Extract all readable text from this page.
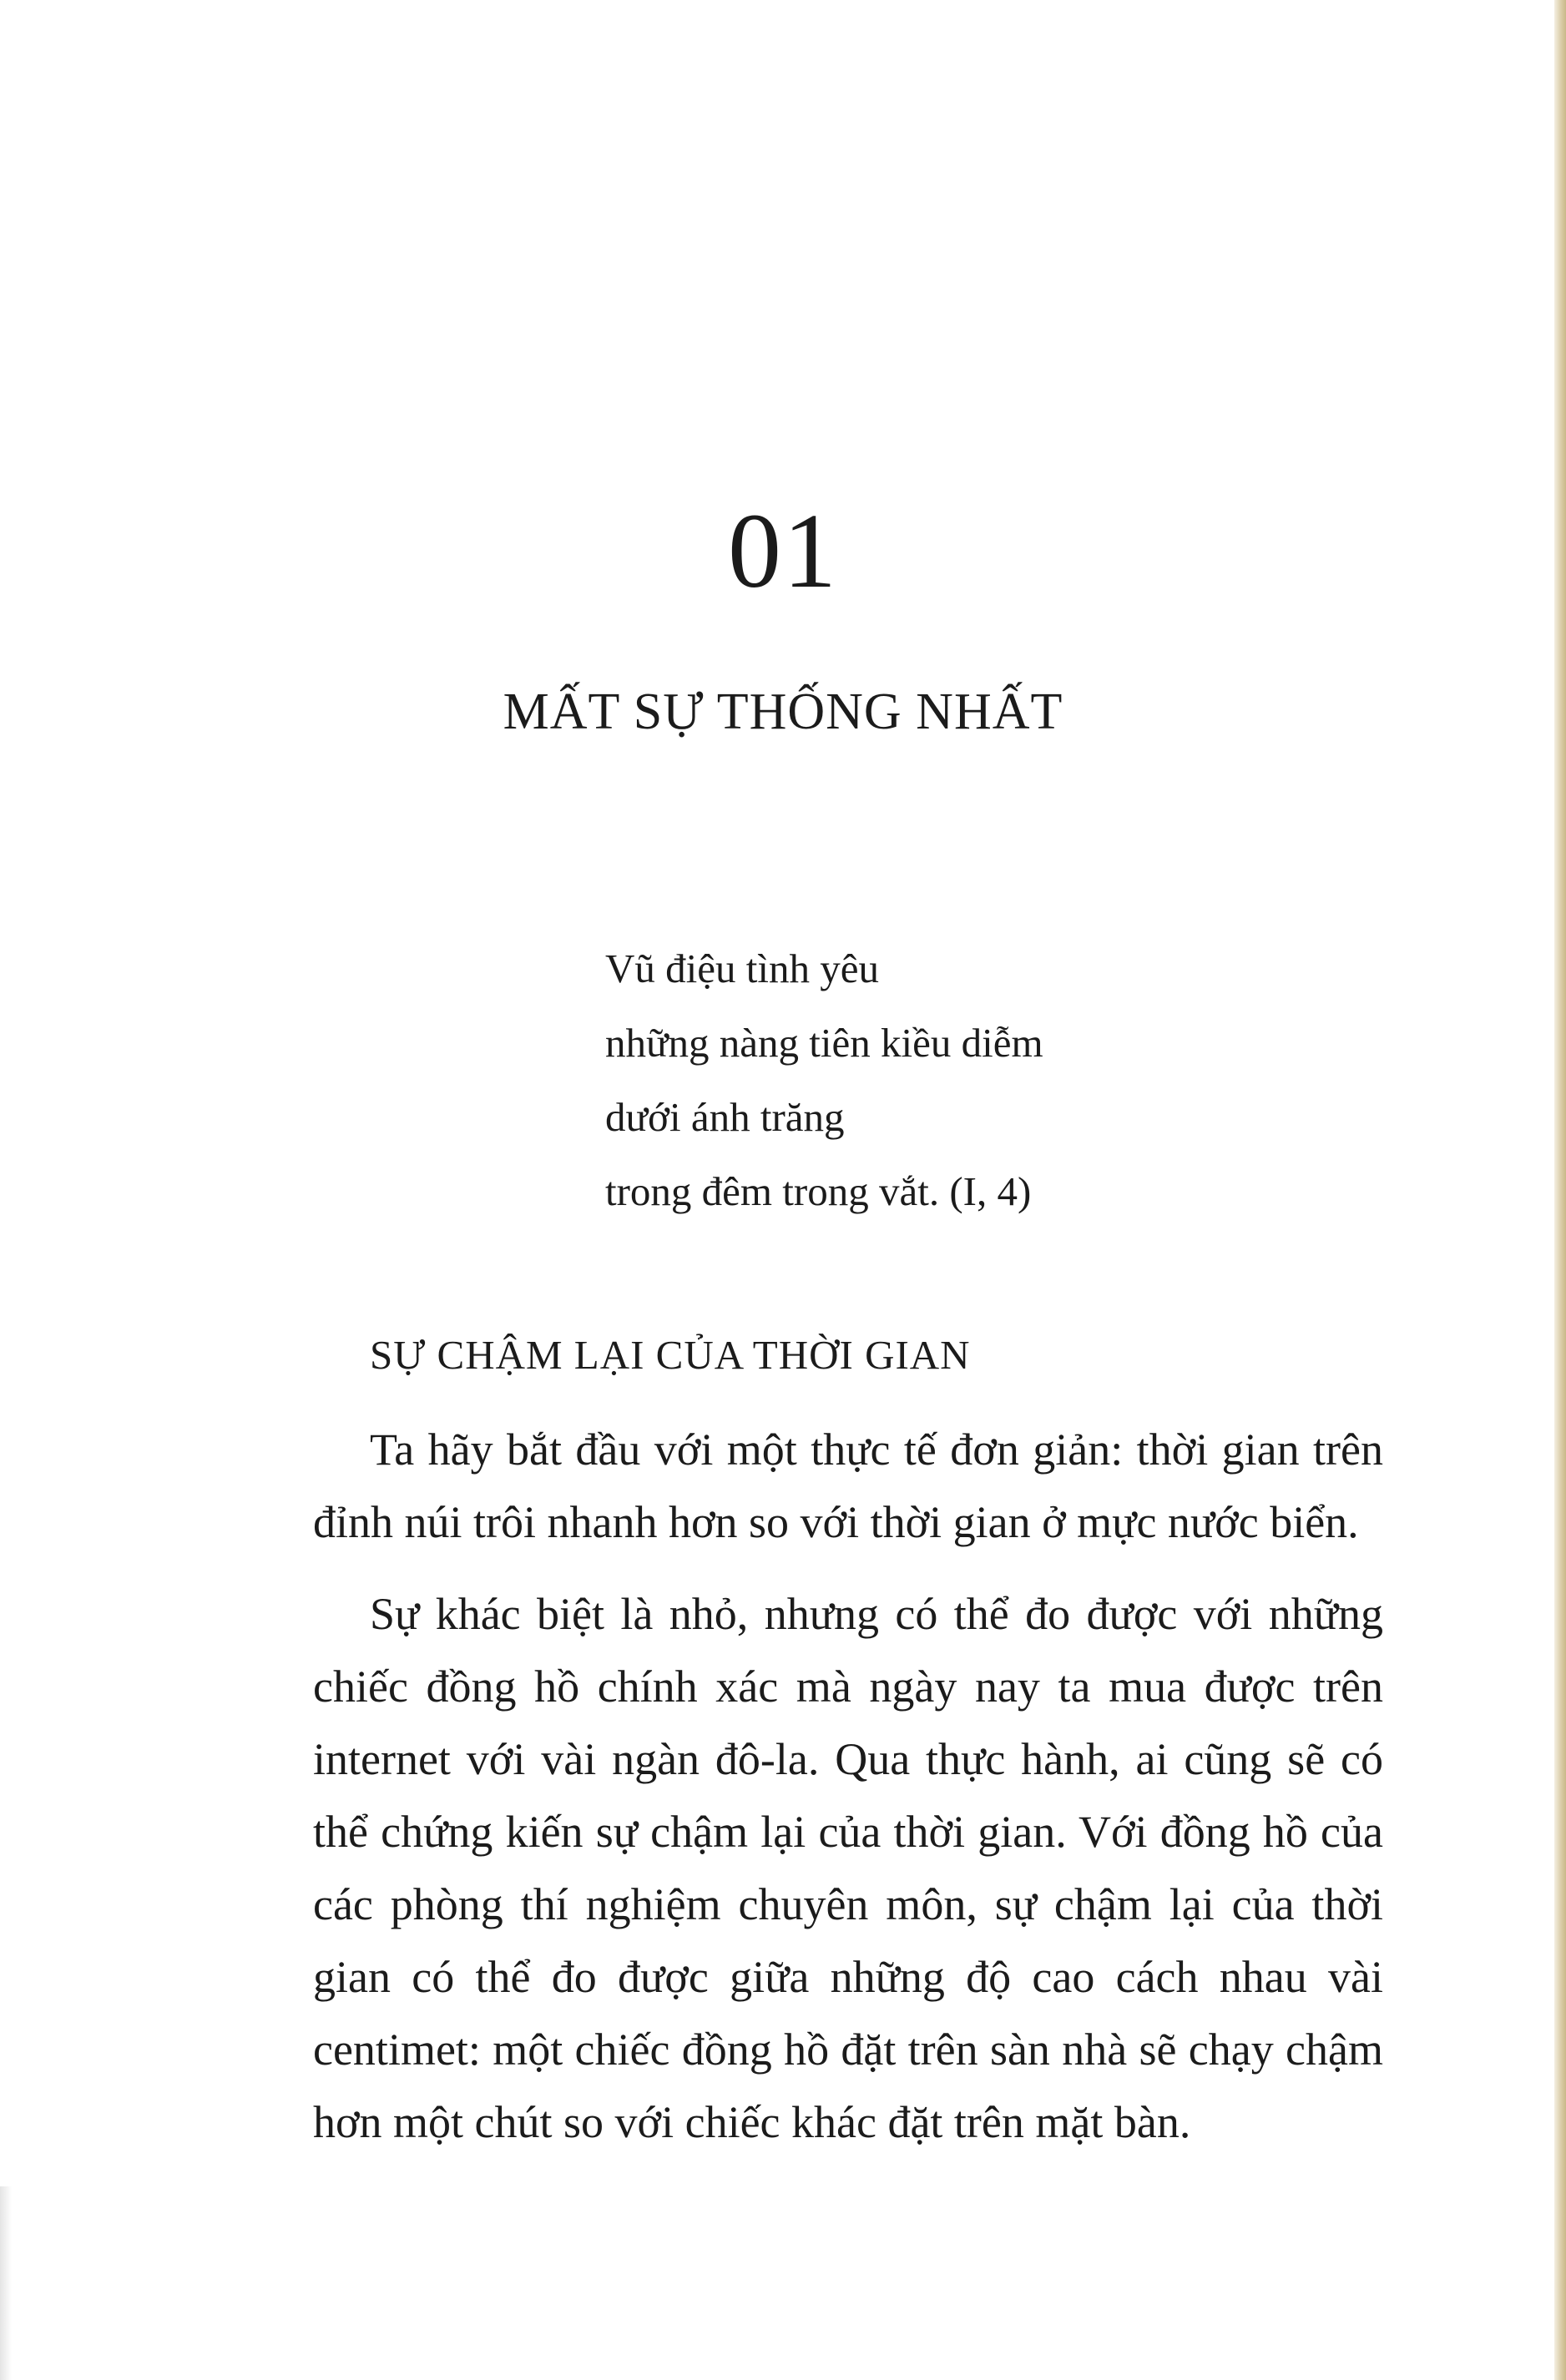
01
MẤT SỰ THỐNG NHẤT
Vũ điệu tình yêu
những nàng tiên kiều diễm
dưới ánh trăng
trong đêm trong vắt. (I, 4)
SỰ CHẬM LẠI CỦA THỜI GIAN

Ta hãy bắt đầu với một thực tế đơn giản: thời gian trên đỉnh núi trôi nhanh hơn so với thời gian ở mực nước biển.

Sự khác biệt là nhỏ, nhưng có thể đo được với những chiếc đồng hồ chính xác mà ngày nay ta mua được trên internet với vài ngàn đô-la. Qua thực hành, ai cũng sẽ có thể chứng kiến sự chậm lại của thời gian. Với đồng hồ của các phòng thí nghiệm chuyên môn, sự chậm lại của thời gian có thể đo được giữa những độ cao cách nhau vài centimet: một chiếc đồng hồ đặt trên sàn nhà sẽ chạy chậm hơn một chút so với chiếc khác đặt trên mặt bàn.
